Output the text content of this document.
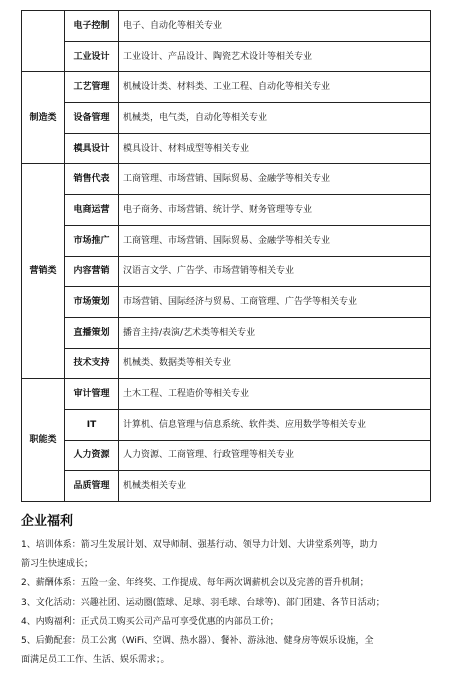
	电子控制	电子、自动化等相关专业
	工业设计	工业设计、产品设计、陶瓷艺术设计等相关专业
制造类	工艺管理	机械设计类、材料类、工业工程、自动化等相关专业
	设备管理	机械类，电气类，自动化等相关专业
	模具设计	模具设计、材料成型等相关专业
营销类	销售代表	工商管理、市场营销、国际贸易、金融学等相关专业
	电商运营	电子商务、市场营销、统计学、财务管理等专业
	市场推广	工商管理、市场营销、国际贸易、金融学等相关专业
	内容营销	汉语言文学、广告学、市场营销等相关专业
	市场策划	市场营销、国际经济与贸易、工商管理、广告学等相关专业
	直播策划	播音主持/表演/艺术类等相关专业
	技术支持	机械类、数据类等相关专业
职能类	审计管理	土木工程、工程造价等相关专业
	IT	计算机、信息管理与信息系统、软件类、应用数学等相关专业
	人力资源	人力资源、工商管理、行政管理等相关专业
	品质管理	机械类相关专业
企业福利

1、培训体系：箭习生发展计划、双导师制、强基行动、领导力计划、大讲堂系列等，助力

箭习生快速成长；

2、薪酬体系：五险一金、年终奖、工作提成、每年两次调薪机会以及完善的晋升机制；

3、文化活动：兴趣社团、运动圈(篮球、足球、羽毛球、台球等)、部门团建、各节日活动；

4、内购福利：正式员工购买公司产品可享受优惠的内部员工价；

5、后勤配套：员工公寓（WiFi、空调、热水器）、餐补、游泳池、健身房等娱乐设施，全

面满足员工工作、生活、娱乐需求；。
